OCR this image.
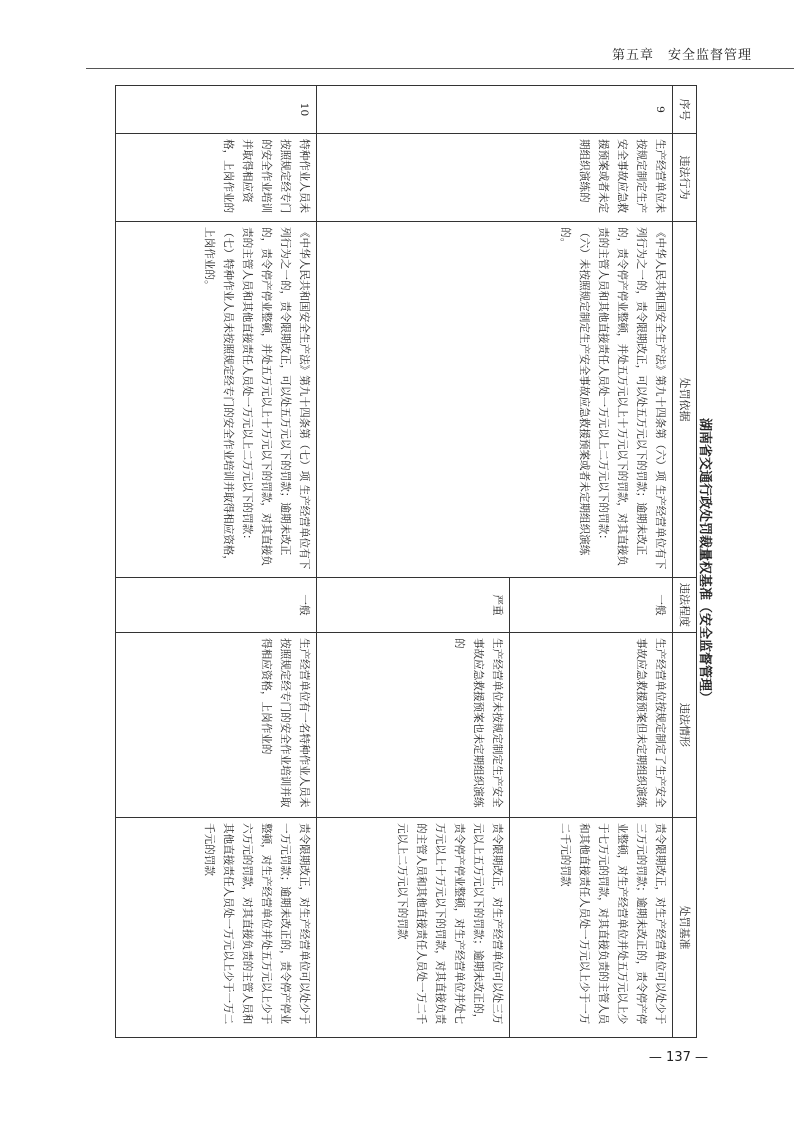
第五章　安全监督管理
湖南省交通行政处罚裁量权基准（安全监督管理）
序号	违法行为	处罚依据	违法程度	违法情形	处罚基准
9	生产经营单位未按规定制定生产安全事故应急救援预案或者未定期组织演练的	《中华人民共和国安全生产法》第九十四条第（六）项 生产经营单位有下列行为之一的，责令限期改正，可以处五万元以下的罚款；逾期未改正的，责令停产停业整顿，并处五万元以上十万元以下的罚款，对其直接负责的主管人员和其他直接责任人员处一万元以上二万元以下的罚款：

（六）未按照规定制定生产安全事故应急救援预案或者未定期组织演练的。	一般	生产经营单位按规定制定了生产安全事故应急救援预案但未定期组织演练	责令限期改正，对生产经营单位可以处少于三万元的罚款；逾期未改正的，责令停产停业整顿，对生产经营单位并处五万元以上少于七万元的罚款，对其直接负责的主管人员和其他直接责任人员处一万元以上少于一万二千元的罚款
			严重	生产经营单位未按规定制定生产安全事故应急救援预案也未定期组织演练的	责令限期改正，对生产经营单位可以处三万元以上五万元以下的罚款；逾期未改正的，责令停产停业整顿，对生产经营单位并处七万元以上十万元以下的罚款，对其直接负责的主管人员和其他直接责任人员处一万二千元以上二万元以下的罚款
10	特种作业人员未按照规定经专门的安全作业培训并取得相应资格，上岗作业的	《中华人民共和国安全生产法》第九十四条第（七）项 生产经营单位有下列行为之一的，责令限期改正，可以处五万元以下的罚款；逾期未改正的，责令停产停业整顿，并处五万元以上十万元以下的罚款，对其直接负责的主管人员和其他直接责任人员处一万元以上二万元以下的罚款：

（七）特种作业人员未按照规定经专门的安全作业培训并取得相应资格，上岗作业的。	一般	生产经营单位有一名特种作业人员未按照规定经专门的安全作业培训并取得相应资格，上岗作业的	责令限期改正，对生产经营单位可以处少于一万元罚款；逾期未改正的，责令停产停业整顿，对生产经营单位并处五万元以上少于六万元的罚款，对其直接负责的主管人员和其他直接责任人员处一万元以上少于一万二千元的罚款
— 137 —
